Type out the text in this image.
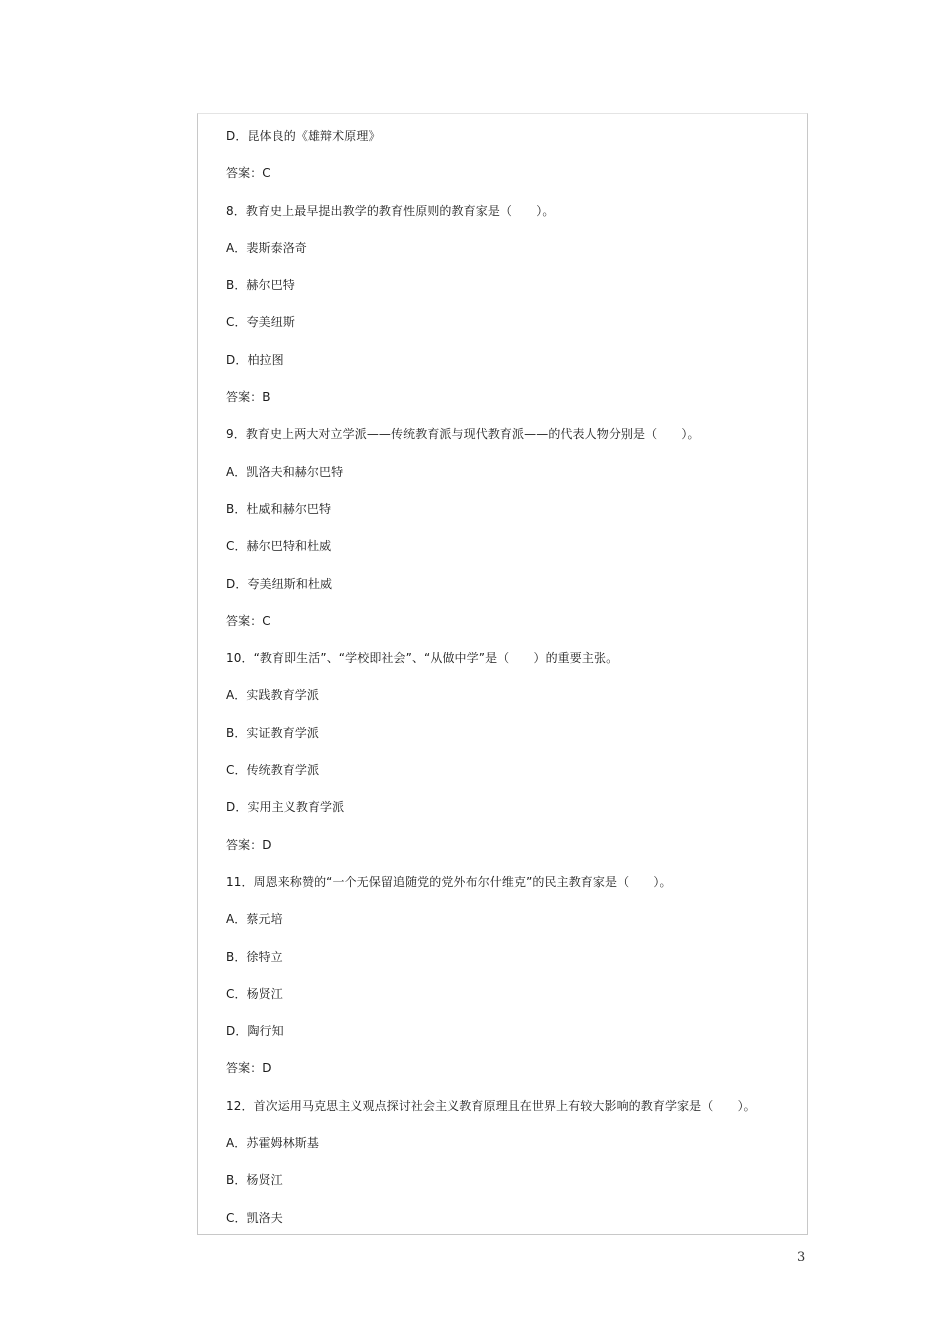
D．昆体良的《雄辩术原理》
答案：C
8．教育史上最早提出教学的教育性原则的教育家是（　　）。
A．裴斯泰洛奇
B．赫尔巴特
C．夸美纽斯
D．柏拉图
答案：B
9．教育史上两大对立学派——传统教育派与现代教育派——的代表人物分别是（　　）。
A．凯洛夫和赫尔巴特
B．杜威和赫尔巴特
C．赫尔巴特和杜威
D．夸美纽斯和杜威
答案：C
10．“教育即生活”、“学校即社会”、“从做中学”是（　　）的重要主张。
A．实践教育学派
B．实证教育学派
C．传统教育学派
D．实用主义教育学派
答案：D
11．周恩来称赞的“一个无保留追随党的党外布尔什维克”的民主教育家是（　　）。
A．蔡元培
B．徐特立
C．杨贤江
D．陶行知
答案：D
12．首次运用马克思主义观点探讨社会主义教育原理且在世界上有较大影响的教育学家是（　　）。
A．苏霍姆林斯基
B．杨贤江
C．凯洛夫
3
